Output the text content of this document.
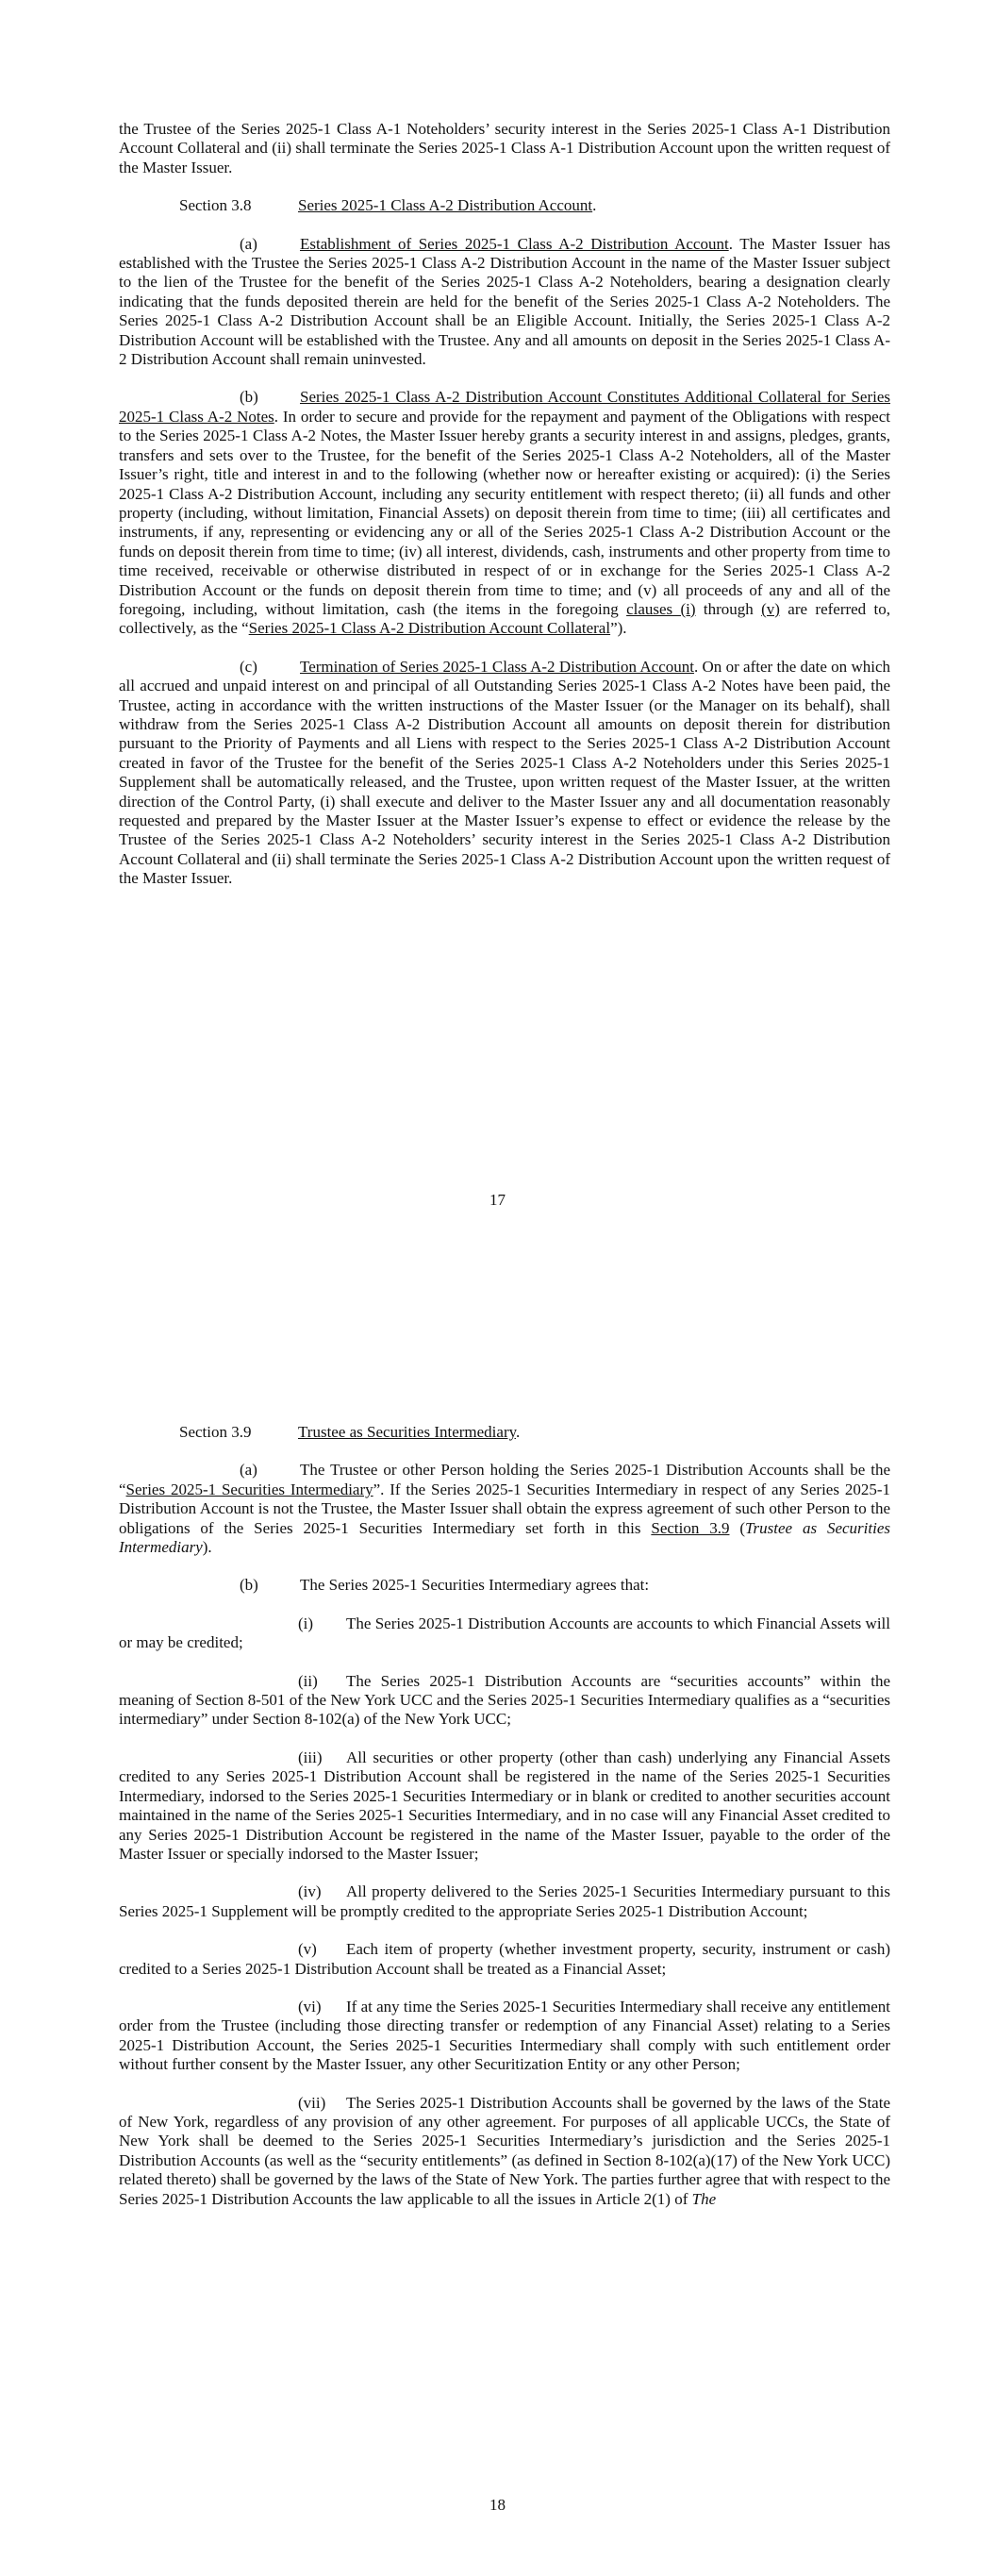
the Trustee of the Series 2025-1 Class A-1 Noteholders’ security interest in the Series 2025-1 Class A-1 Distribution Account Collateral and (ii) shall terminate the Series 2025-1 Class A-1 Distribution Account upon the written request of the Master Issuer.

Section 3.8	Series 2025-1 Class A-2 Distribution Account.

(a)	Establishment of Series 2025-1 Class A-2 Distribution Account. The Master Issuer has established with the Trustee the Series 2025-1 Class A-2 Distribution Account in the name of the Master Issuer subject to the lien of the Trustee for the benefit of the Series 2025-1 Class A-2 Noteholders, bearing a designation clearly indicating that the funds deposited therein are held for the benefit of the Series 2025-1 Class A-2 Noteholders. The Series 2025-1 Class A-2 Distribution Account shall be an Eligible Account. Initially, the Series 2025-1 Class A-2 Distribution Account will be established with the Trustee. Any and all amounts on deposit in the Series 2025-1 Class A-2 Distribution Account shall remain uninvested.

(b)	Series 2025-1 Class A-2 Distribution Account Constitutes Additional Collateral for Series 2025-1 Class A-2 Notes. In order to secure and provide for the repayment and payment of the Obligations with respect to the Series 2025-1 Class A-2 Notes, the Master Issuer hereby grants a security interest in and assigns, pledges, grants, transfers and sets over to the Trustee, for the benefit of the Series 2025-1 Class A-2 Noteholders, all of the Master Issuer’s right, title and interest in and to the following (whether now or hereafter existing or acquired): (i) the Series 2025-1 Class A-2 Distribution Account, including any security entitlement with respect thereto; (ii) all funds and other property (including, without limitation, Financial Assets) on deposit therein from time to time; (iii) all certificates and instruments, if any, representing or evidencing any or all of the Series 2025-1 Class A-2 Distribution Account or the funds on deposit therein from time to time; (iv) all interest, dividends, cash, instruments and other property from time to time received, receivable or otherwise distributed in respect of or in exchange for the Series 2025-1 Class A-2 Distribution Account or the funds on deposit therein from time to time; and (v) all proceeds of any and all of the foregoing, including, without limitation, cash (the items in the foregoing clauses (i) through (v) are referred to, collectively, as the “Series 2025-1 Class A-2 Distribution Account Collateral”).

(c)	Termination of Series 2025-1 Class A-2 Distribution Account. On or after the date on which all accrued and unpaid interest on and principal of all Outstanding Series 2025-1 Class A-2 Notes have been paid, the Trustee, acting in accordance with the written instructions of the Master Issuer (or the Manager on its behalf), shall withdraw from the Series 2025-1 Class A-2 Distribution Account all amounts on deposit therein for distribution pursuant to the Priority of Payments and all Liens with respect to the Series 2025-1 Class A-2 Distribution Account created in favor of the Trustee for the benefit of the Series 2025-1 Class A-2 Noteholders under this Series 2025-1 Supplement shall be automatically released, and the Trustee, upon written request of the Master Issuer, at the written direction of the Control Party, (i) shall execute and deliver to the Master Issuer any and all documentation reasonably requested and prepared by the Master Issuer at the Master Issuer’s expense to effect or evidence the release by the Trustee of the Series 2025-1 Class A-2 Noteholders’ security interest in the Series 2025-1 Class A-2 Distribution Account Collateral and (ii) shall terminate the Series 2025-1 Class A-2 Distribution Account upon the written request of the Master Issuer.

17

Section 3.9	Trustee as Securities Intermediary.

(a)	The Trustee or other Person holding the Series 2025-1 Distribution Accounts shall be the “Series 2025-1 Securities Intermediary”. If the Series 2025-1 Securities Intermediary in respect of any Series 2025-1 Distribution Account is not the Trustee, the Master Issuer shall obtain the express agreement of such other Person to the obligations of the Series 2025-1 Securities Intermediary set forth in this Section 3.9 (Trustee as Securities Intermediary).

(b)	The Series 2025-1 Securities Intermediary agrees that:

(i) The Series 2025-1 Distribution Accounts are accounts to which Financial Assets will or may be credited;

(ii) The Series 2025-1 Distribution Accounts are “securities accounts” within the meaning of Section 8-501 of the New York UCC and the Series 2025-1 Securities Intermediary qualifies as a “securities intermediary” under Section 8-102(a) of the New York UCC;

(iii) All securities or other property (other than cash) underlying any Financial Assets credited to any Series 2025-1 Distribution Account shall be registered in the name of the Series 2025-1 Securities Intermediary, indorsed to the Series 2025-1 Securities Intermediary or in blank or credited to another securities account maintained in the name of the Series 2025-1 Securities Intermediary, and in no case will any Financial Asset credited to any Series 2025-1 Distribution Account be registered in the name of the Master Issuer, payable to the order of the Master Issuer or specially indorsed to the Master Issuer;

(iv) All property delivered to the Series 2025-1 Securities Intermediary pursuant to this Series 2025-1 Supplement will be promptly credited to the appropriate Series 2025-1 Distribution Account;

(v) Each item of property (whether investment property, security, instrument or cash) credited to a Series 2025-1 Distribution Account shall be treated as a Financial Asset;

(vi) If at any time the Series 2025-1 Securities Intermediary shall receive any entitlement order from the Trustee (including those directing transfer or redemption of any Financial Asset) relating to a Series 2025-1 Distribution Account, the Series 2025-1 Securities Intermediary shall comply with such entitlement order without further consent by the Master Issuer, any other Securitization Entity or any other Person;

(vii) The Series 2025-1 Distribution Accounts shall be governed by the laws of the State of New York, regardless of any provision of any other agreement. For purposes of all applicable UCCs, the State of New York shall be deemed to the Series 2025-1 Securities Intermediary’s jurisdiction and the Series 2025-1 Distribution Accounts (as well as the “security entitlements” (as defined in Section 8-102(a)(17) of the New York UCC) related thereto) shall be governed by the laws of the State of New York. The parties further agree that with respect to the Series 2025-1 Distribution Accounts the law applicable to all the issues in Article 2(1) of The

18
